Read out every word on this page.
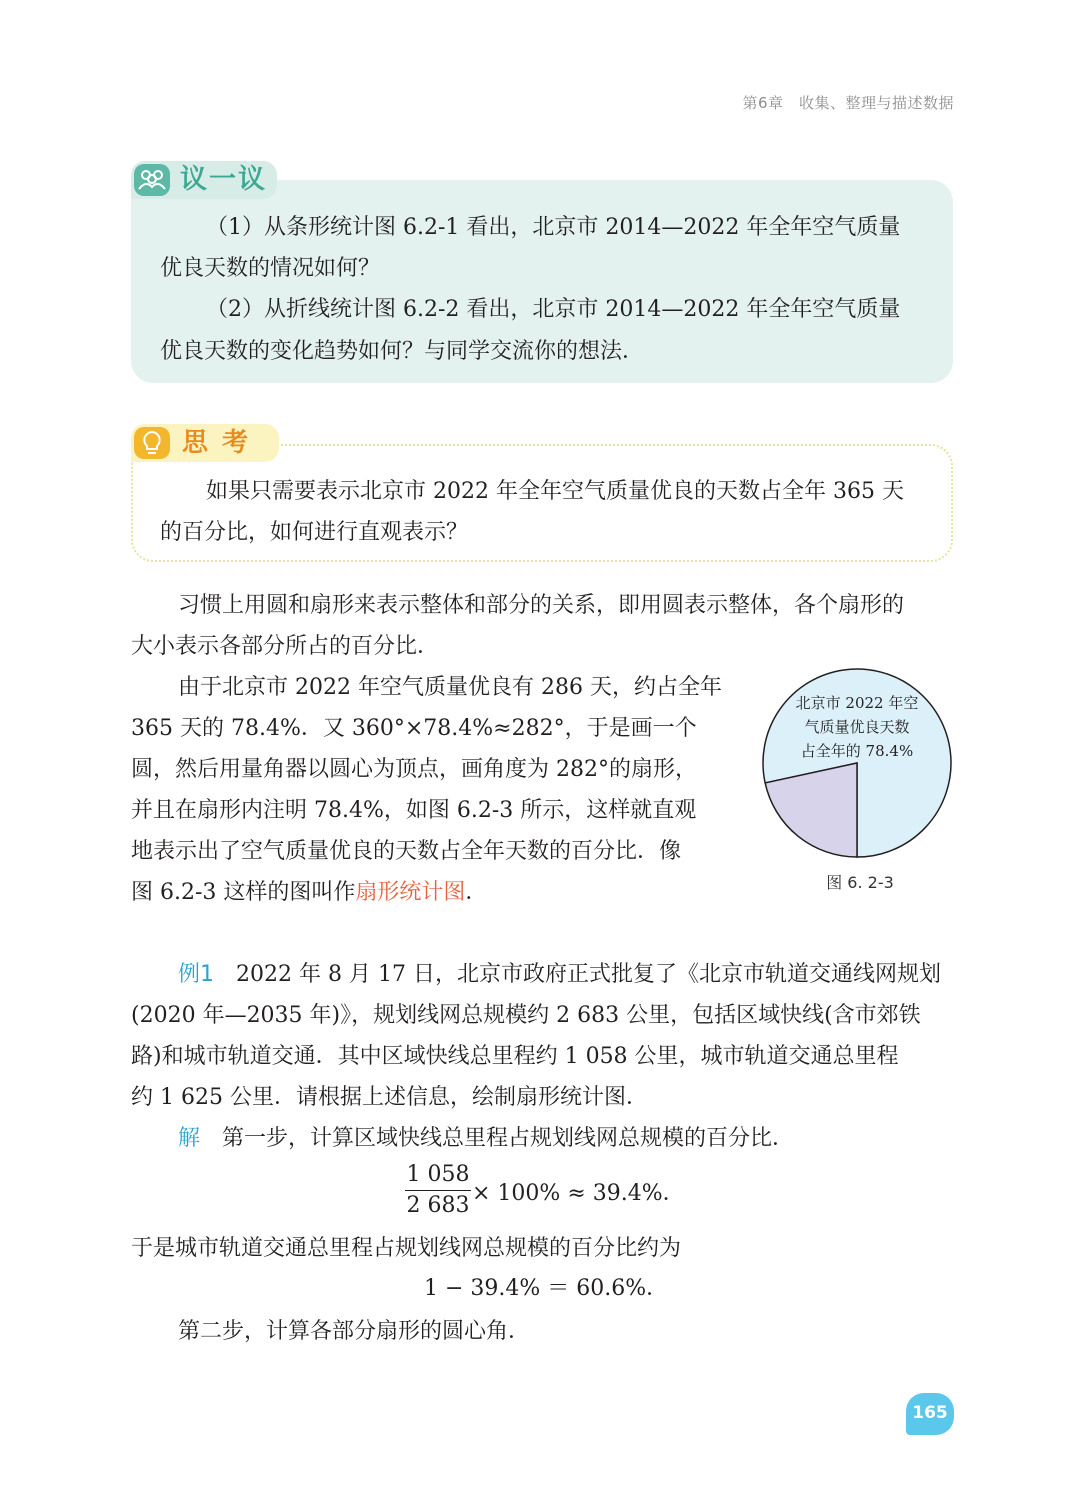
第6章　收集、整理与描述数据
议一议
（1）从条形统计图 6.2-1 看出，北京市 2014—2022 年全年空气质量
优良天数的情况如何？
（2）从折线统计图 6.2-2 看出，北京市 2014—2022 年全年空气质量
优良天数的变化趋势如何？与同学交流你的想法．
思考
如果只需要表示北京市 2022 年全年空气质量优良的天数占全年 365 天
的百分比，如何进行直观表示？
习惯上用圆和扇形来表示整体和部分的关系，即用圆表示整体，各个扇形的
大小表示各部分所占的百分比．
由于北京市 2022 年空气质量优良有 286 天，约占全年
365 天的 78.4%．又 360°×78.4%≈282°，于是画一个
圆，然后用量角器以圆心为顶点，画角度为 282°的扇形，
并且在扇形内注明 78.4%，如图 6.2-3 所示，这样就直观
地表示出了空气质量优良的天数占全年天数的百分比．像
图 6.2-3 这样的图叫作扇形统计图．
北京市 2022 年空
气质量优良天数
占全年的 78.4%
图 6. 2-3
例1　 2022 年 8 月 17 日，北京市政府正式批复了《北京市轨道交通线网规划
(2020 年—2035 年)》，规划线网总规模约 2 683 公里，包括区域快线(含市郊铁
路)和城市轨道交通．其中区域快线总里程约 1 058 公里，城市轨道交通总里程
约 1 625 公里．请根据上述信息，绘制扇形统计图．
解　 第一步，计算区域快线总里程占规划线网总规模的百分比．
$\frac{1 058}{2 683} \times 100\% \approx 39.4\%$．
于是城市轨道交通总里程占规划线网总规模的百分比约为
1 − 39.4% ＝ 60.6%．
第二步，计算各部分扇形的圆心角．
165
